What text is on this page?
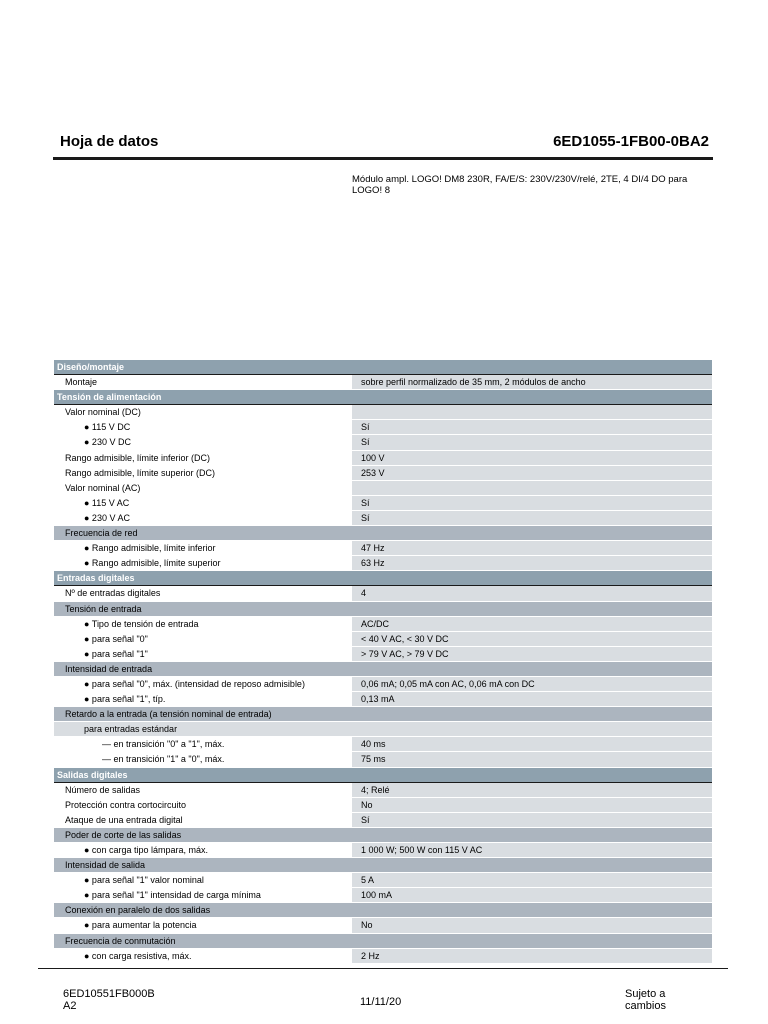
Hoja de datos	6ED1055-1FB00-0BA2
Módulo ampl. LOGO! DM8 230R, FA/E/S: 230V/230V/relé, 2TE, 4 DI/4 DO para LOGO! 8
Diseño/montaje
Montaje	sobre perfil normalizado de 35 mm, 2 módulos de ancho
Tensión de alimentación
Valor nominal (DC)
● 115 V DC	Sí
● 230 V DC	Sí
Rango admisible, límite inferior (DC)	100 V
Rango admisible, límite superior (DC)	253 V
Valor nominal (AC)
● 115 V AC	Sí
● 230 V AC	Sí
Frecuencia de red
● Rango admisible, límite inferior	47 Hz
● Rango admisible, límite superior	63 Hz
Entradas digitales
Nº de entradas digitales	4
Tensión de entrada
● Tipo de tensión de entrada	AC/DC
● para señal "0"	< 40 V AC, < 30 V DC
● para señal "1"	> 79 V AC, > 79 V DC
Intensidad de entrada
● para señal "0", máx. (intensidad de reposo admisible)	0,06 mA; 0,05 mA con AC, 0,06 mA con DC
● para señal "1", típ.	0,13 mA
Retardo a la entrada (a tensión nominal de entrada)
para entradas estándar
— en transición "0" a "1", máx.	40 ms
— en transición "1" a "0", máx.	75 ms
Salidas digitales
Número de salidas	4; Relé
Protección contra cortocircuito	No
Ataque de una entrada digital	Sí
Poder de corte de las salidas
● con carga tipo lámpara, máx.	1 000 W; 500 W con 115 V AC
Intensidad de salida
● para señal "1" valor nominal	5 A
● para señal "1" intensidad de carga mínima	100 mA
Conexión en paralelo de dos salidas
● para aumentar la potencia	No
Frecuencia de conmutación
● con carga resistiva, máx.	2 Hz
6ED10551FB000B
A2	11/11/20
Sujeto a
cambios
